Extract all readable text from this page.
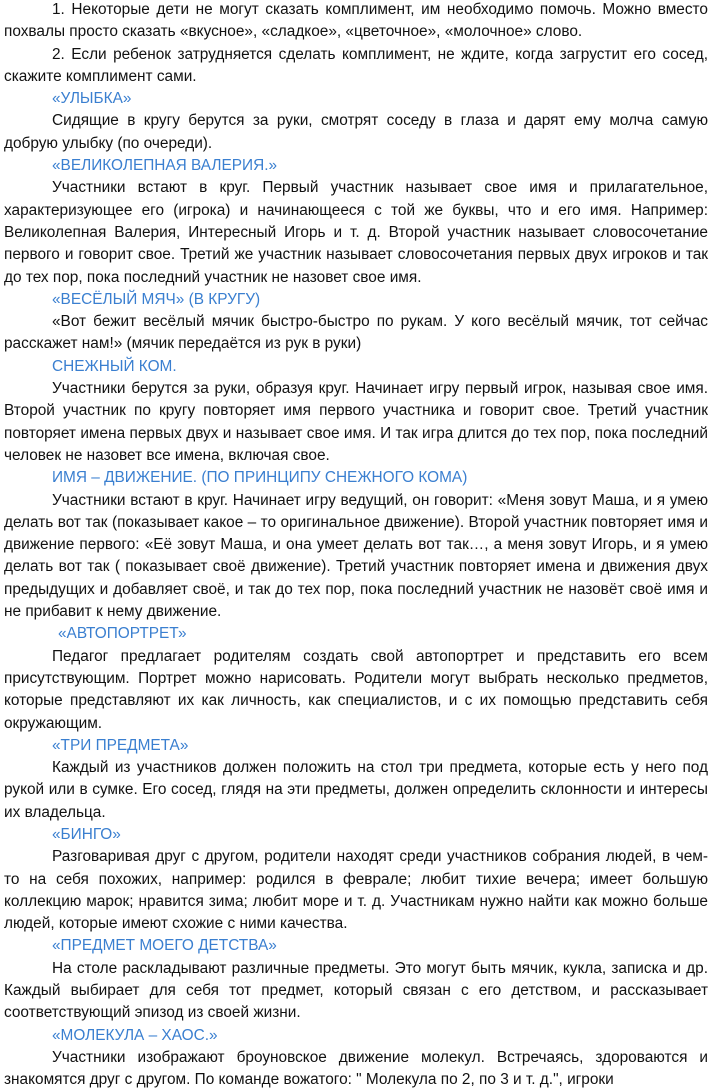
1. Некоторые дети не могут сказать комплимент, им необходимо помочь. Можно вместо похвалы просто сказать «вкусное», «сладкое», «цветочное», «молочное» слово.

2. Если ребенок затрудняется сделать комплимент, не ждите, когда загрустит его сосед, скажите комплимент сами.

«УЛЫБКА»

Сидящие в кругу берутся за руки, смотрят соседу в глаза и дарят ему молча самую добрую улыбку (по очереди).

«ВЕЛИКОЛЕПНАЯ ВАЛЕРИЯ.»

Участники встают в круг. Первый участник называет свое имя и прилагательное, характеризующее его (игрока) и начинающееся с той же буквы, что и его имя. Например: Великолепная Валерия, Интересный Игорь и т. д. Второй участник называет словосочетание первого и говорит свое. Третий же участник называет словосочетания первых двух игроков и так до тех пор, пока последний участник не назовет свое имя.

«ВЕСЁЛЫЙ МЯЧ» (В КРУГУ)

«Вот бежит весёлый мячик быстро-быстро по рукам. У кого весёлый мячик, тот сейчас расскажет нам!» (мячик передаётся из рук в руки)

СНЕЖНЫЙ КОМ.

Участники берутся за руки, образуя круг. Начинает игру первый игрок, называя свое имя. Второй участник по кругу повторяет имя первого участника и говорит свое. Третий участник повторяет имена первых двух и называет свое имя. И так игра длится до тех пор, пока последний человек не назовет все имена, включая свое.

ИМЯ – ДВИЖЕНИЕ. (ПО ПРИНЦИПУ СНЕЖНОГО КОМА)

Участники встают в круг. Начинает игру ведущий, он говорит: «Меня зовут Маша, и я умею делать вот так (показывает какое – то оригинальное движение). Второй участник повторяет имя и движение первого: «Её зовут Маша, и она умеет делать вот так…, а меня зовут Игорь, и я умею делать вот так ( показывает своё движение). Третий участник повторяет имена и движения двух предыдущих и добавляет своё, и так до тех пор, пока последний участник не назовёт своё имя и не прибавит к нему движение.

«АВТОПОРТРЕТ»

Педагог предлагает родителям создать свой автопортрет и представить его всем присутствующим. Портрет можно нарисовать. Родители могут выбрать несколько предметов, которые представляют их как личность, как специалистов, и с их помощью представить себя окружающим.

«ТРИ ПРЕДМЕТА»

Каждый из участников должен положить на стол три предмета, которые есть у него под рукой или в сумке. Его сосед, глядя на эти предметы, должен определить склонности и интересы их владельца.

«БИНГО»

Разговаривая друг с другом, родители находят среди участников собрания людей, в чем-то на себя похожих, например: родился в феврале; любит тихие вечера; имеет большую коллекцию марок; нравится зима; любит море и т. д. Участникам нужно найти как можно больше людей, которые имеют схожие с ними качества.

«ПРЕДМЕТ МОЕГО ДЕТСТВА»

На столе раскладывают различные предметы. Это могут быть мячик, кукла, записка и др. Каждый выбирает для себя тот предмет, который связан с его детством, и рассказывает соответствующий эпизод из своей жизни.

«МОЛЕКУЛА – ХАОС.»

Участники изображают броуновское движение молекул. Встречаясь, здороваются и знакомятся друг с другом. По команде вожатого: " Молекула по 2, по 3 и т. д.", игроки
